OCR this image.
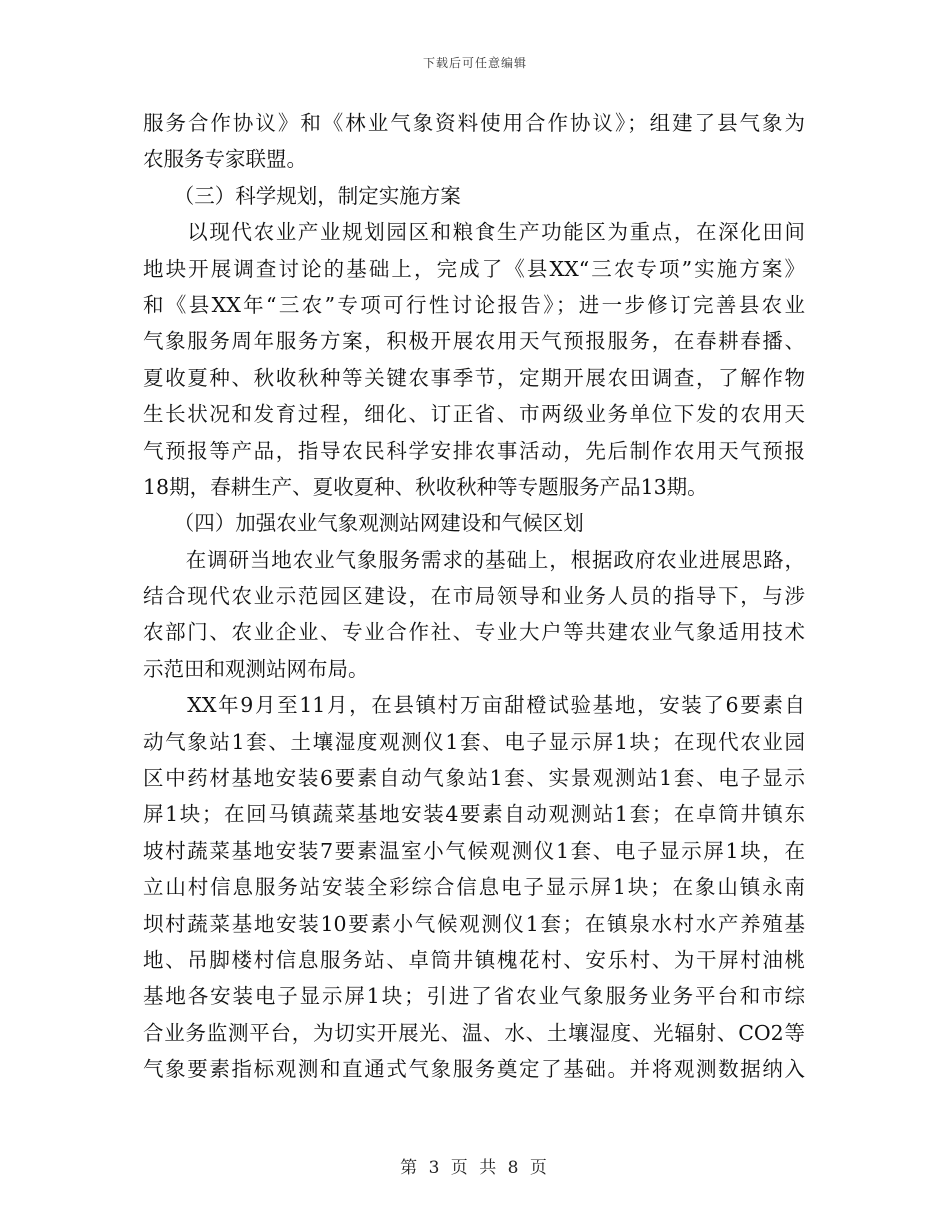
下载后可任意编辑
服务合作协议》和《林业气象资料使用合作协议》；组建了县气象为
农服务专家联盟。
　　（三）科学规划，制定实施方案
　　以现代农业产业规划园区和粮食生产功能区为重点，在深化田间
地块开展调查讨论的基础上，完成了《县XX“三农专项”实施方案》
和《县XX年“三农”专项可行性讨论报告》；进一步修订完善县农业
气象服务周年服务方案，积极开展农用天气预报服务，在春耕春播、
夏收夏种、秋收秋种等关键农事季节，定期开展农田调查，了解作物
生长状况和发育过程，细化、订正省、市两级业务单位下发的农用天
气预报等产品，指导农民科学安排农事活动，先后制作农用天气预报
18期，春耕生产、夏收夏种、秋收秋种等专题服务产品13期。
　　（四）加强农业气象观测站网建设和气候区划
　　在调研当地农业气象服务需求的基础上，根据政府农业进展思路，
结合现代农业示范园区建设，在市局领导和业务人员的指导下，与涉
农部门、农业企业、专业合作社、专业大户等共建农业气象适用技术
示范田和观测站网布局。
　　XX年9月至11月，在县镇村万亩甜橙试验基地，安装了6要素自
动气象站1套、土壤湿度观测仪1套、电子显示屏1块；在现代农业园
区中药材基地安装6要素自动气象站1套、实景观测站1套、电子显示
屏1块；在回马镇蔬菜基地安装4要素自动观测站1套；在卓筒井镇东
坡村蔬菜基地安装7要素温室小气候观测仪1套、电子显示屏1块，在
立山村信息服务站安装全彩综合信息电子显示屏1块；在象山镇永南
坝村蔬菜基地安装10要素小气候观测仪1套；在镇泉水村水产养殖基
地、吊脚楼村信息服务站、卓筒井镇槐花村、安乐村、为干屏村油桃
基地各安装电子显示屏1块；引进了省农业气象服务业务平台和市综
合业务监测平台，为切实开展光、温、水、土壤湿度、光辐射、CO2等
气象要素指标观测和直通式气象服务奠定了基础。并将观测数据纳入
第 3 页 共 8 页
